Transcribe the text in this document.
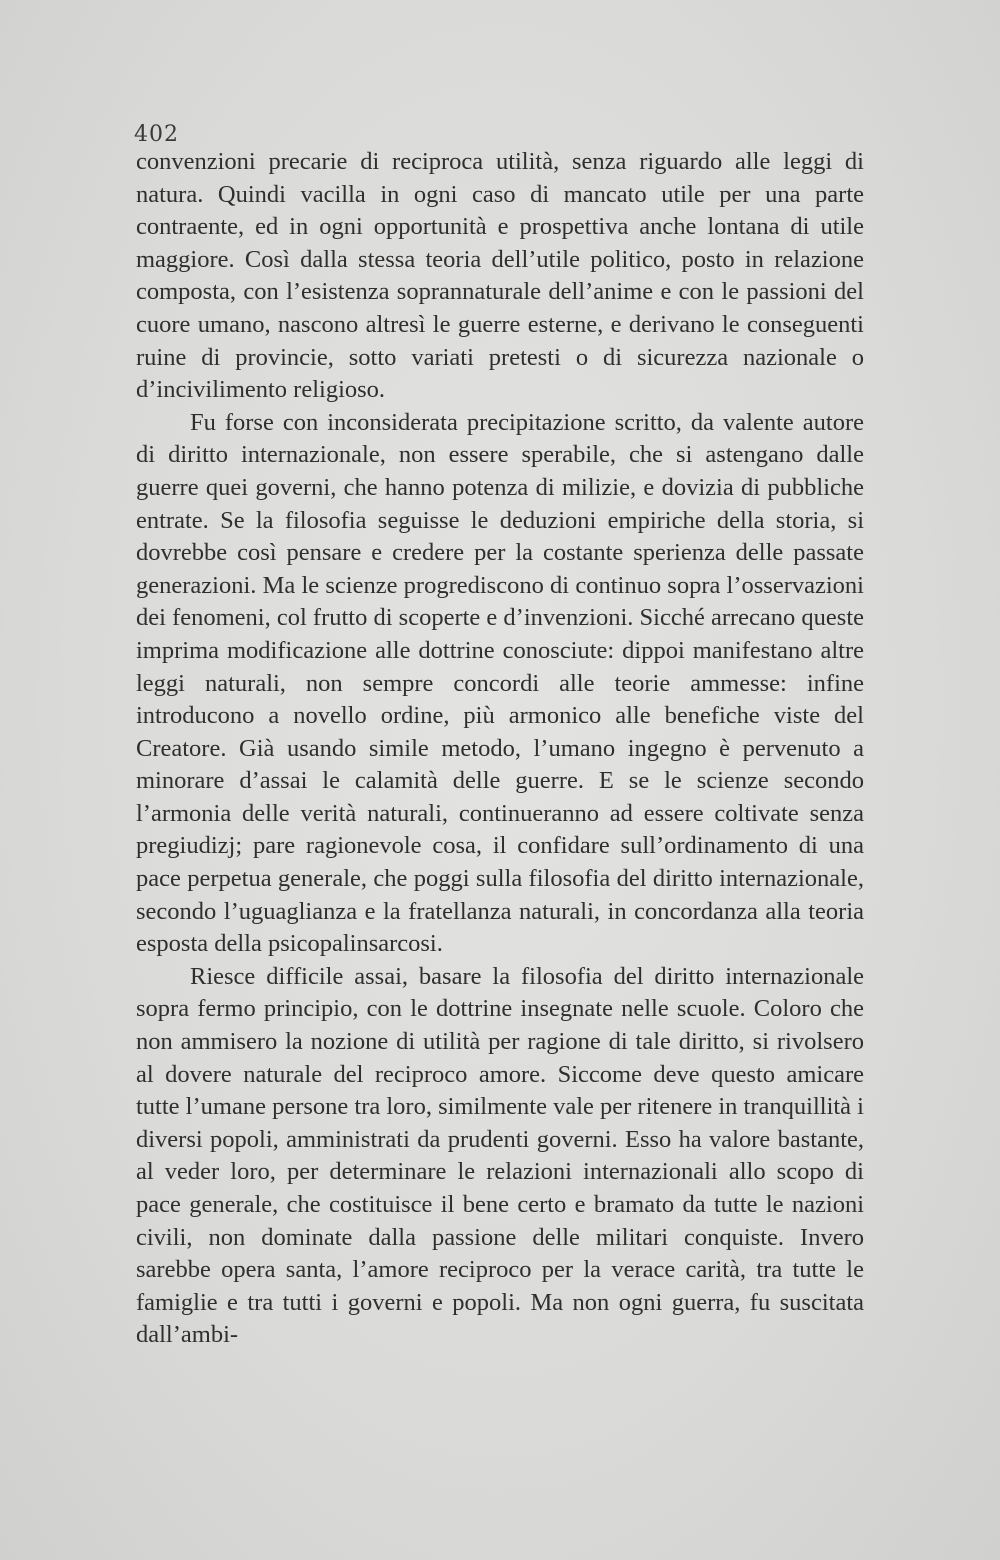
402

convenzioni precarie di reciproca utilità, senza riguardo alle leggi di natura. Quindi vacilla in ogni caso di mancato utile per una parte contraente, ed in ogni opportunità e prospettiva anche lontana di utile maggiore. Così dalla stessa teoria dell’utile politico, posto in relazione composta, con l’esistenza soprannaturale dell’anime e con le passioni del cuore umano, nascono altresì le guerre esterne, e derivano le conseguenti ruine di provincie, sotto variati pretesti o di sicurezza nazionale o d’incivilimento religioso.

Fu forse con inconsiderata precipitazione scritto, da valente autore di diritto internazionale, non essere sperabile, che si astengano dalle guerre quei governi, che hanno potenza di milizie, e dovizia di pubbliche entrate. Se la filosofia seguisse le deduzioni empiriche della storia, si dovrebbe così pensare e credere per la costante sperienza delle passate generazioni. Ma le scienze progrediscono di continuo sopra l’osservazioni dei fenomeni, col frutto di scoperte e d’invenzioni. Sicché arrecano queste imprima modificazione alle dottrine conosciute: dippoi manifestano altre leggi naturali, non sempre concordi alle teorie ammesse: infine introducono a novello ordine, più armonico alle benefiche viste del Creatore. Già usando simile metodo, l’umano ingegno è pervenuto a minorare d’assai le calamità delle guerre. E se le scienze secondo l’armonia delle verità naturali, continueranno ad essere coltivate senza pregiudizj; pare ragionevole cosa, il confidare sull’ordinamento di una pace perpetua generale, che poggi sulla filosofia del diritto internazionale, secondo l’uguaglianza e la fratellanza naturali, in concordanza alla teoria esposta della psicopalinsarcosi.

Riesce difficile assai, basare la filosofia del diritto internazionale sopra fermo principio, con le dottrine insegnate nelle scuole. Coloro che non ammisero la nozione di utilità per ragione di tale diritto, si rivolsero al dovere naturale del reciproco amore. Siccome deve questo amicare tutte l’umane persone tra loro, similmente vale per ritenere in tranquillità i diversi popoli, amministrati da prudenti governi. Esso ha valore bastante, al veder loro, per determinare le relazioni internazionali allo scopo di pace generale, che costituisce il bene certo e bramato da tutte le nazioni civili, non dominate dalla passione delle militari conquiste. Invero sarebbe opera santa, l’amore reciproco per la verace carità, tra tutte le famiglie e tra tutti i governi e popoli. Ma non ogni guerra, fu suscitata dall’ambi-
